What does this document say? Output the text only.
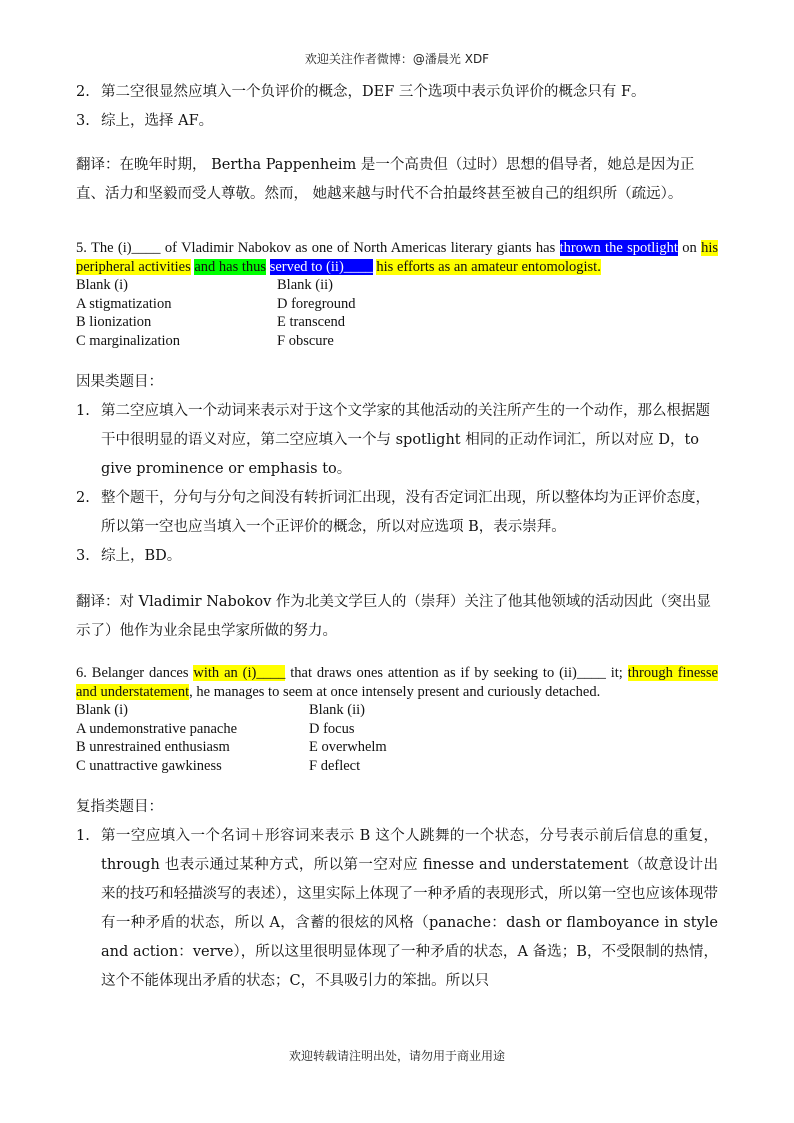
欢迎关注作者微博：@潘晨光 XDF
2. 第二空很显然应填入一个负评价的概念，DEF 三个选项中表示负评价的概念只有 F。
3. 综上，选择 AF。

翻译：在晚年时期， Bertha Pappenheim 是一个高贵但（过时）思想的倡导者，她总是因为正直、活力和坚毅而受人尊敬。然而， 她越来越与时代不合拍最终甚至被自己的组织所（疏远）。

5. The (i)____ of Vladimir Nabokov as one of North Americas literary giants has thrown the spotlight on his peripheral activities and has thus served to (ii)____ his efforts as an amateur entomologist.

Blank (i)	Blank (ii)
A stigmatization	D foreground
B lionization	E transcend
C marginalization	F obscure

因果类题目：

1. 第二空应填入一个动词来表示对于这个文学家的其他活动的关注所产生的一个动作，那么根据题干中很明显的语义对应，第二空应填入一个与 spotlight 相同的正动作词汇，所以对应 D，to give prominence or emphasis to。
2. 整个题干，分句与分句之间没有转折词汇出现，没有否定词汇出现，所以整体均为正评价态度，所以第一空也应当填入一个正评价的概念，所以对应选项 B，表示崇拜。
3. 综上，BD。

翻译：对 Vladimir Nabokov 作为北美文学巨人的（崇拜）关注了他其他领域的活动因此（突出显示了）他作为业余昆虫学家所做的努力。

6. Belanger dances with an (i)____ that draws ones attention as if by seeking to (ii)____ it; through finesse and understatement, he manages to seem at once intensely present and curiously detached.

Blank (i)	Blank (ii)
A undemonstrative panache	D focus
B unrestrained enthusiasm	E overwhelm
C unattractive gawkiness	F deflect

复指类题目：

1. 第一空应填入一个名词＋形容词来表示 B 这个人跳舞的一个状态，分号表示前后信息的重复，through 也表示通过某种方式，所以第一空对应 finesse and understatement（故意设计出来的技巧和轻描淡写的表述），这里实际上体现了一种矛盾的表现形式，所以第一空也应该体现带有一种矛盾的状态，所以 A，含蓄的很炫的风格（panache：dash or flamboyance in style and action：verve），所以这里很明显体现了一种矛盾的状态，A 备选；B，不受限制的热情，这个不能体现出矛盾的状态；C，不具吸引力的笨拙。所以只
欢迎转载请注明出处，请勿用于商业用途
